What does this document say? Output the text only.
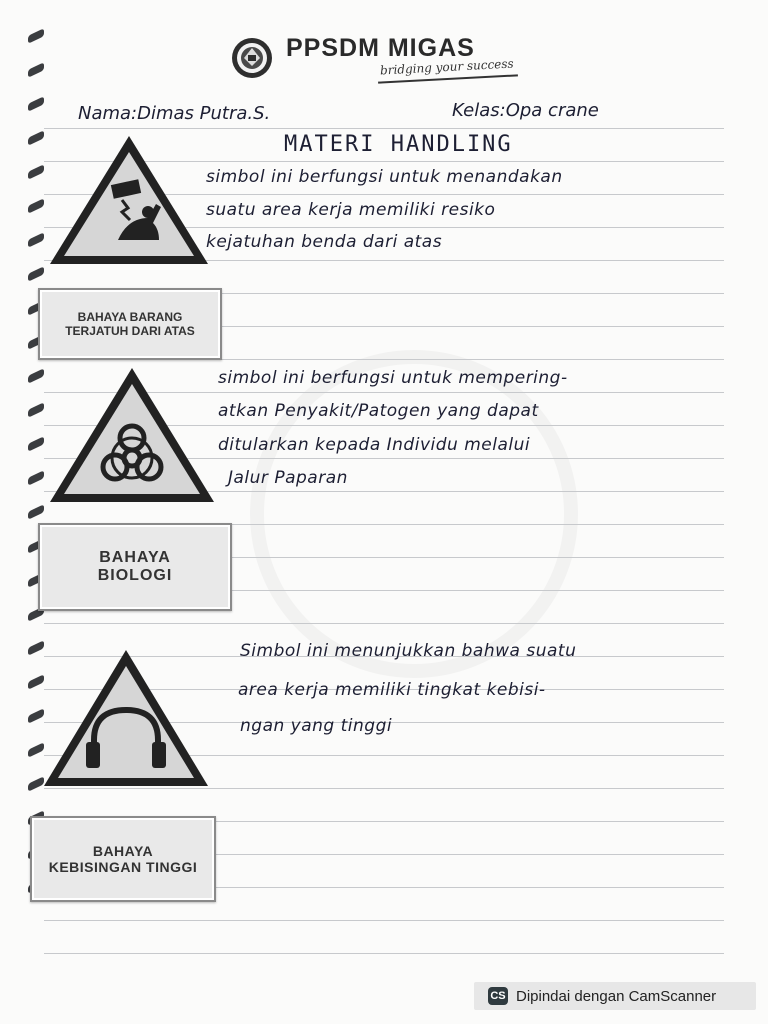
PPSDM MIGAS
bridging your success
Nama:Dimas Putra.S.	Kelas:Opa crane
MATERI HANDLING
BAHAYA BARANG
TERJATUH DARI ATAS
simbol ini berfungsi untuk menandakan
suatu area kerja memiliki resiko
kejatuhan benda dari atas
BAHAYA
BIOLOGI
simbol ini berfungsi untuk mempering-
atkan Penyakit/Patogen yang dapat
ditularkan kepada Individu melalui
Jalur Paparan
BAHAYA
KEBISINGAN TINGGI
Simbol ini menunjukkan bahwa suatu
area kerja memiliki tingkat kebisi-
ngan yang tinggi
CS Dipindai dengan CamScanner
